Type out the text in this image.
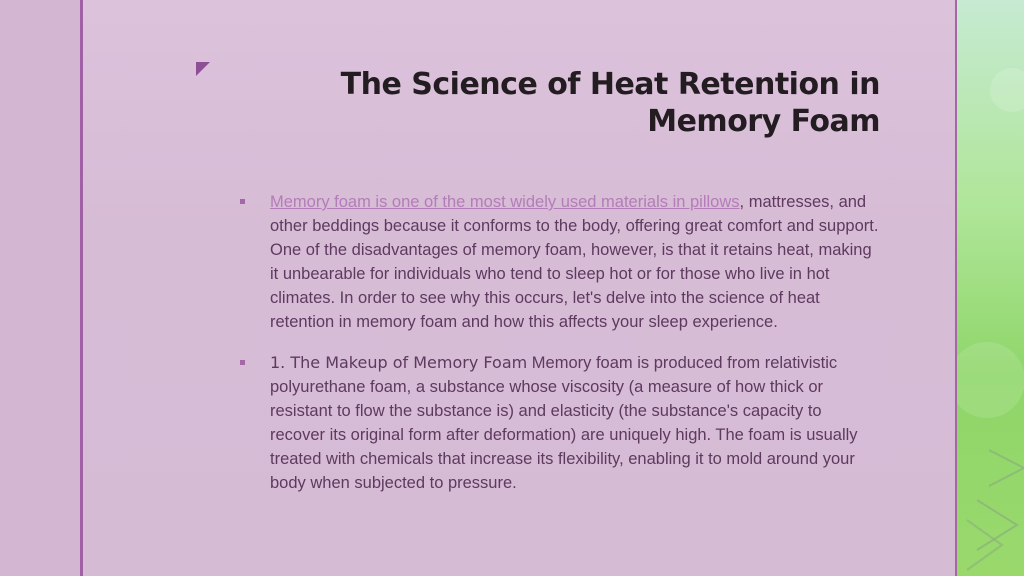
The Science of Heat Retention in
Memory Foam
Memory foam is one of the most widely used materials in pillows, mattresses, and other beddings because it conforms to the body, offering great comfort and support. One of the disadvantages of memory foam, however, is that it retains heat, making it unbearable for individuals who tend to sleep hot or for those who live in hot climates. In order to see why this occurs, let's delve into the science of heat retention in memory foam and how this affects your sleep experience.
1. The Makeup of Memory Foam Memory foam is produced from relativistic polyurethane foam, a substance whose viscosity (a measure of how thick or resistant to flow the substance is) and elasticity (the substance's capacity to recover its original form after deformation) are uniquely high. The foam is usually treated with chemicals that increase its flexibility, enabling it to mold around your body when subjected to pressure.
